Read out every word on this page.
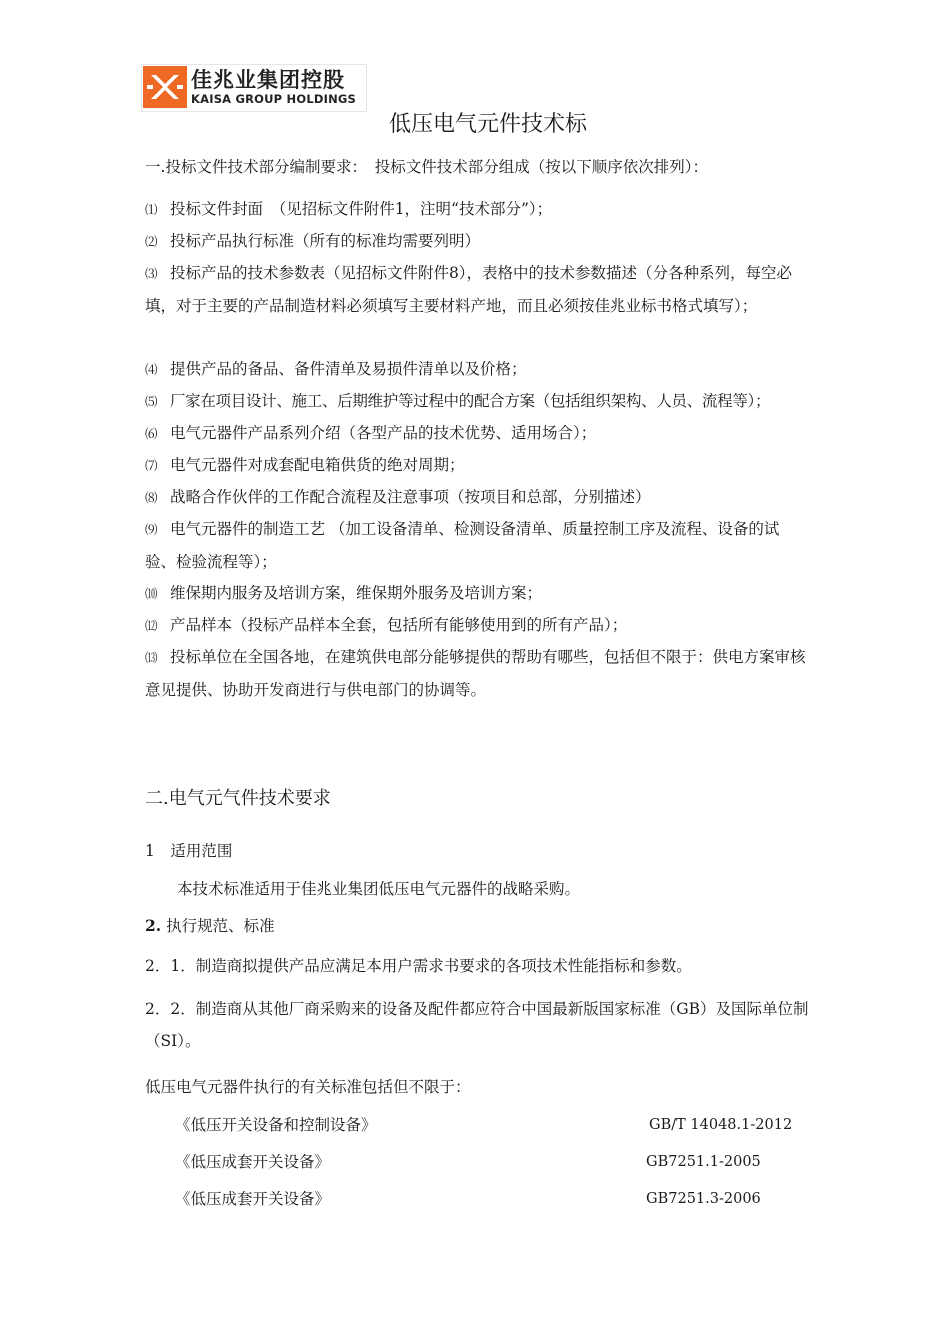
佳兆业集团控股
KAISA GROUP HOLDINGS
低压电气元件技术标
一.投标文件技术部分编制要求：　 投标文件技术部分组成（按以下顺序依次排列）：
⑴ 投标文件封面　（见招标文件附件1，注明“技术部分”）；
⑵ 投标产品执行标准（所有的标准均需要列明）
⑶ 投标产品的技术参数表（见招标文件附件8），表格中的技术参数描述（分各种系列，每空必填，对于主要的产品制造材料必须填写主要材料产地，而且必须按佳兆业标书格式填写）；
⑷ 提供产品的备品、备件清单及易损件清单以及价格；
⑸ 厂家在项目设计、施工、后期维护等过程中的配合方案（包括组织架构、人员、流程等）；
⑹ 电气元器件产品系列介绍（各型产品的技术优势、适用场合）；
⑺ 电气元器件对成套配电箱供货的绝对周期；
⑻ 战略合作伙伴的工作配合流程及注意事项（按项目和总部，分别描述）
⑼ 电气元器件的制造工艺 （加工设备清单、检测设备清单、质量控制工序及流程、设备的试验、检验流程等）；
⑽ 维保期内服务及培训方案，维保期外服务及培训方案；
⑿ 产品样本（投标产品样本全套，包括所有能够使用到的所有产品）；
⒀ 投标单位在全国各地，在建筑供电部分能够提供的帮助有哪些，包括但不限于：供电方案审核意见提供、协助开发商进行与供电部门的协调等。
二.电气元气件技术要求
1　 适用范围
本技术标准适用于佳兆业集团低压电气元器件的战略采购。
2. 执行规范、标准
2．1．制造商拟提供产品应满足本用户需求书要求的各项技术性能指标和参数。
2．2．制造商从其他厂商采购来的设备及配件都应符合中国最新版国家标准（GB）及国际单位制（SI）。
低压电气元器件执行的有关标准包括但不限于：
《低压开关设备和控制设备》	GB/T 14048.1-2012
《低压成套开关设备》	GB7251.1-2005
《低压成套开关设备》	GB7251.3-2006
